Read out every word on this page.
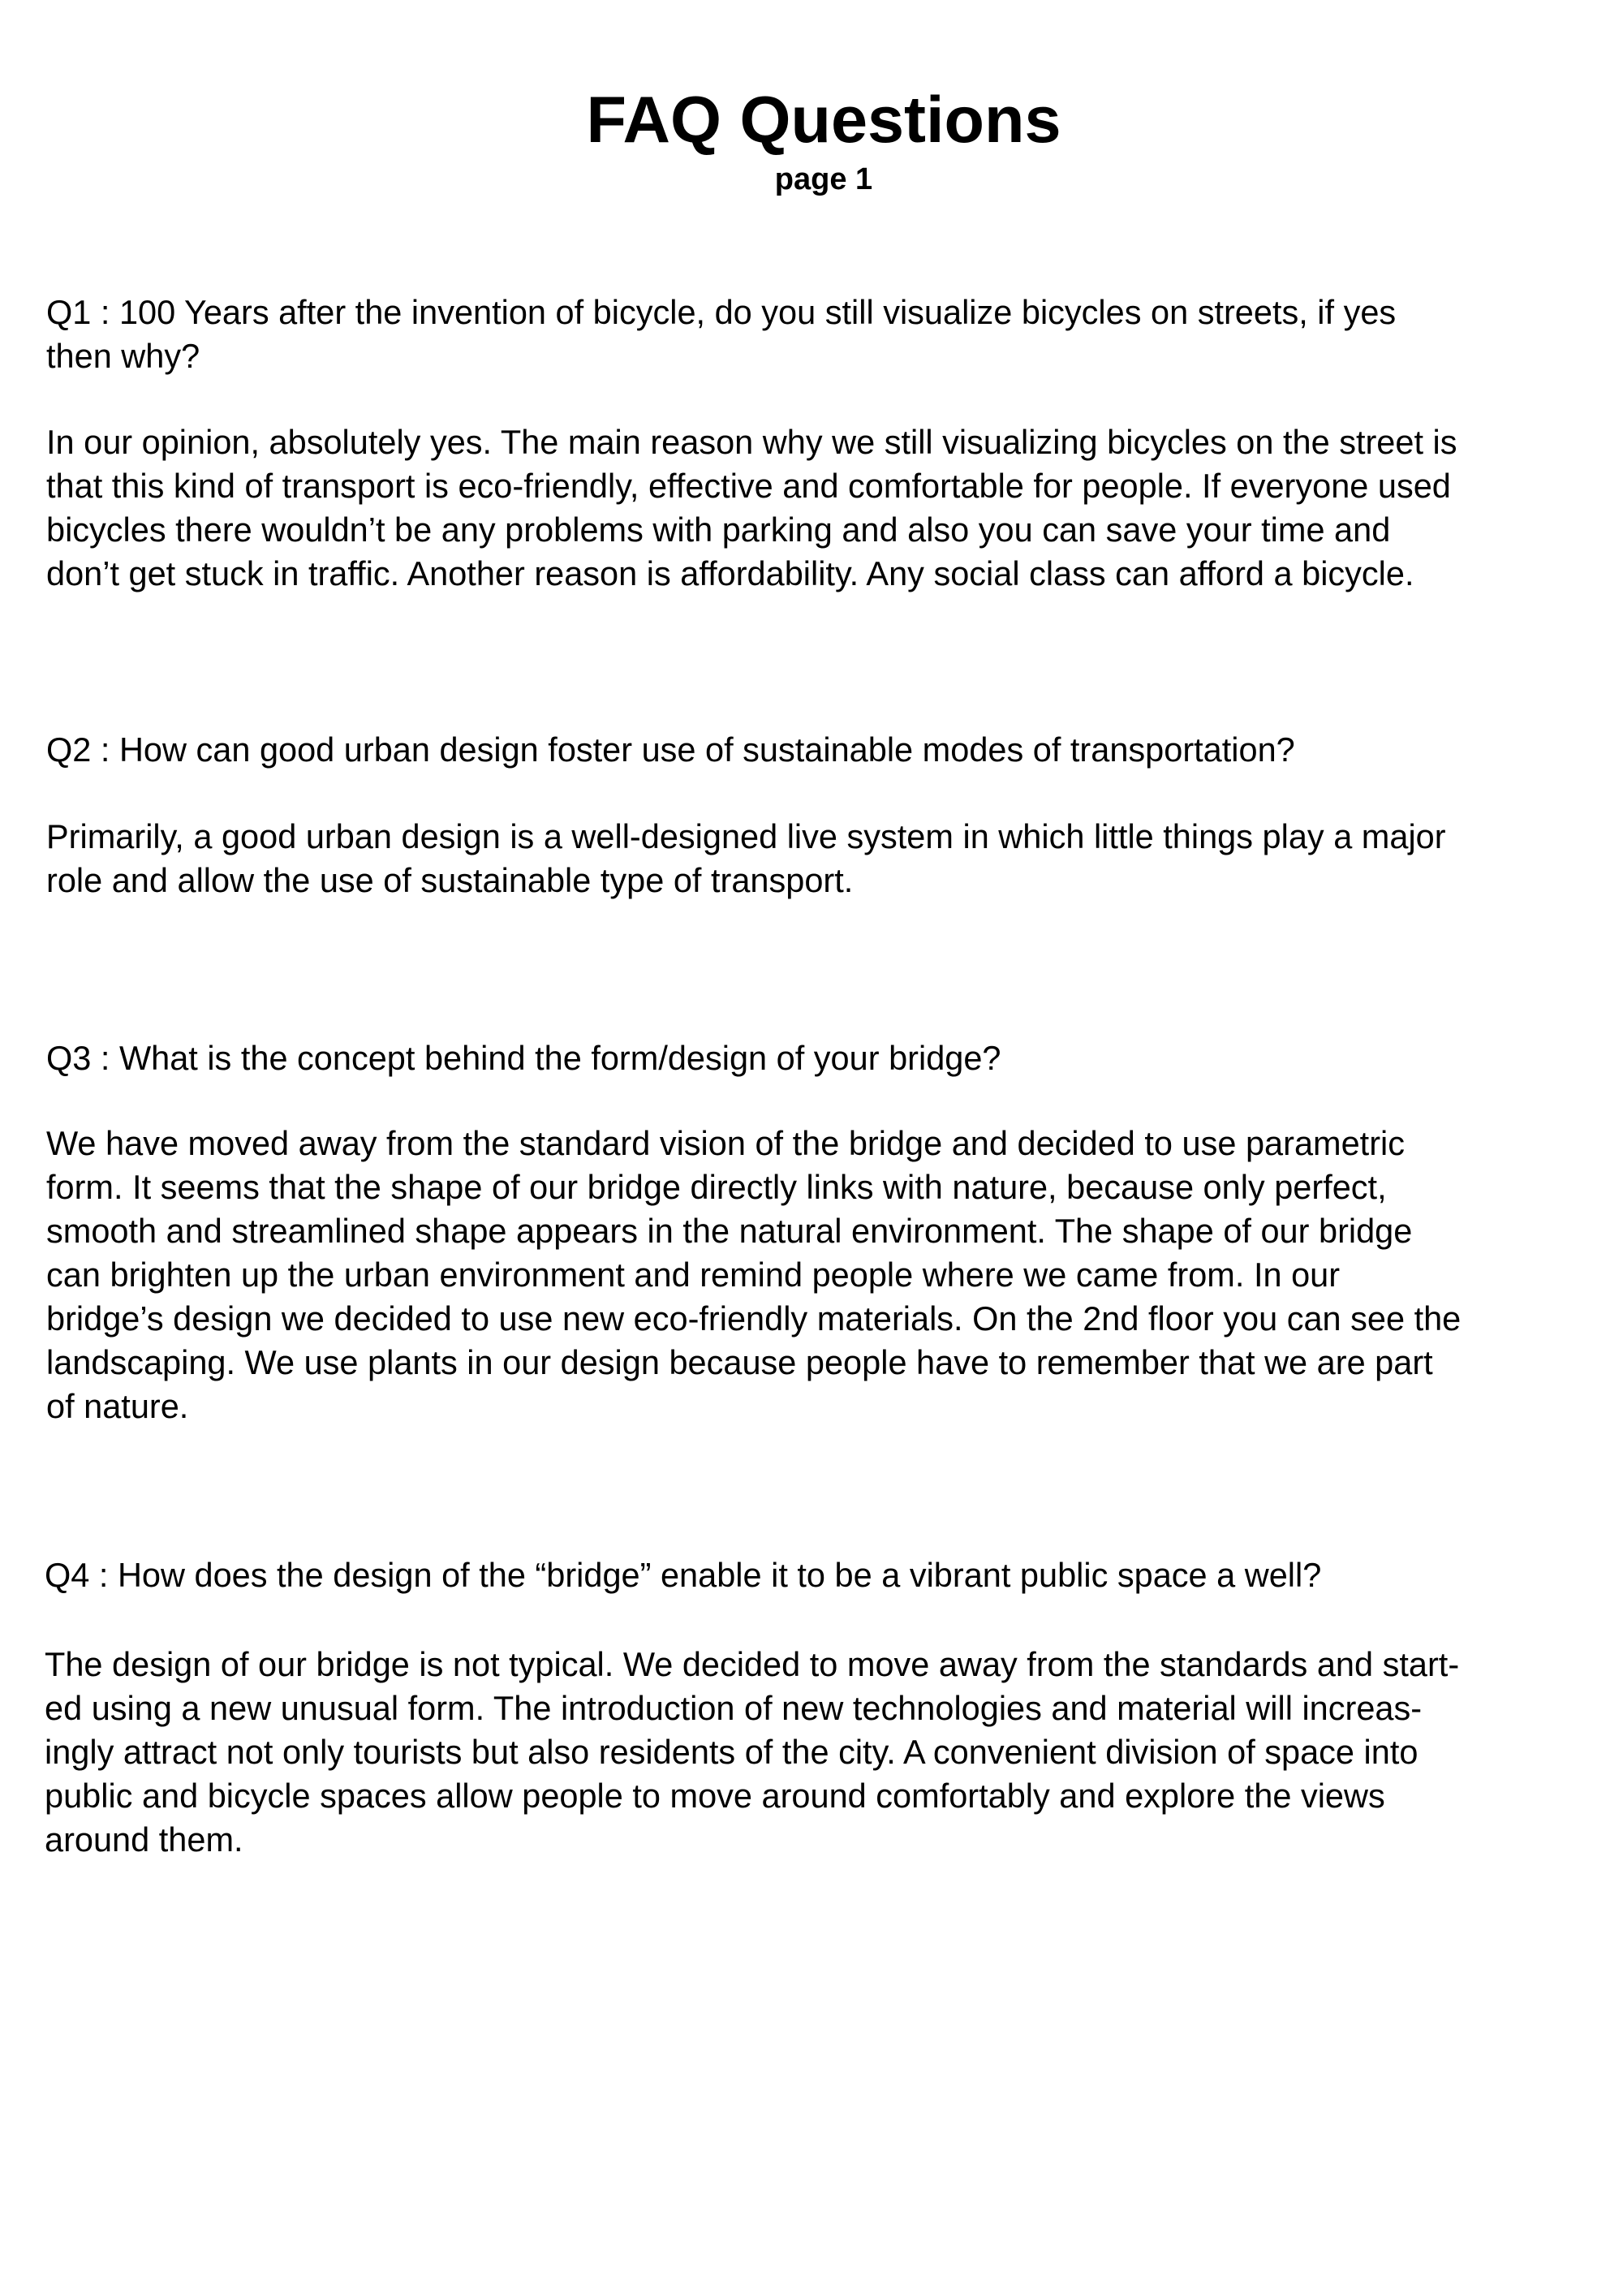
FAQ Questions
page 1
Q1 : 100 Years after the invention of bicycle, do you still visualize bicycles on streets, if yes
then why?
In our opinion, absolutely yes. The main reason why we still visualizing bicycles on the street is
that this kind of transport is eco-friendly, effective and comfortable for people. If everyone used
bicycles there wouldn’t be any problems with parking and also you can save your time and
don’t get stuck in traffic. Another reason is affordability. Any social class can afford a bicycle.
Q2 : How can good urban design foster use of sustainable modes of transportation?
Primarily, a good urban design is a well-designed live system in which little things play a major
role and allow the use of sustainable type of transport.
Q3 : What is the concept behind the form/design of your bridge?
We have moved away from the standard vision of the bridge and decided to use parametric
form. It seems that the shape of our bridge directly links with nature, because only perfect,
smooth and streamlined shape appears in the natural environment. The shape of our bridge
can brighten up the urban environment and remind people where we came from. In our
bridge’s design we decided to use new eco-friendly materials. On the 2nd floor you can see the
landscaping. We use plants in our design because people have to remember that we are part
of nature.
Q4 : How does the design of the “bridge” enable it to be a vibrant public space a well?
The design of our bridge is not typical. We decided to move away from the standards and start-
ed using a new unusual form. The introduction of new technologies and material will increas-
ingly attract not only tourists but also residents of the city. A convenient division of space into
public and bicycle spaces allow people to move around comfortably and explore the views
around them.
